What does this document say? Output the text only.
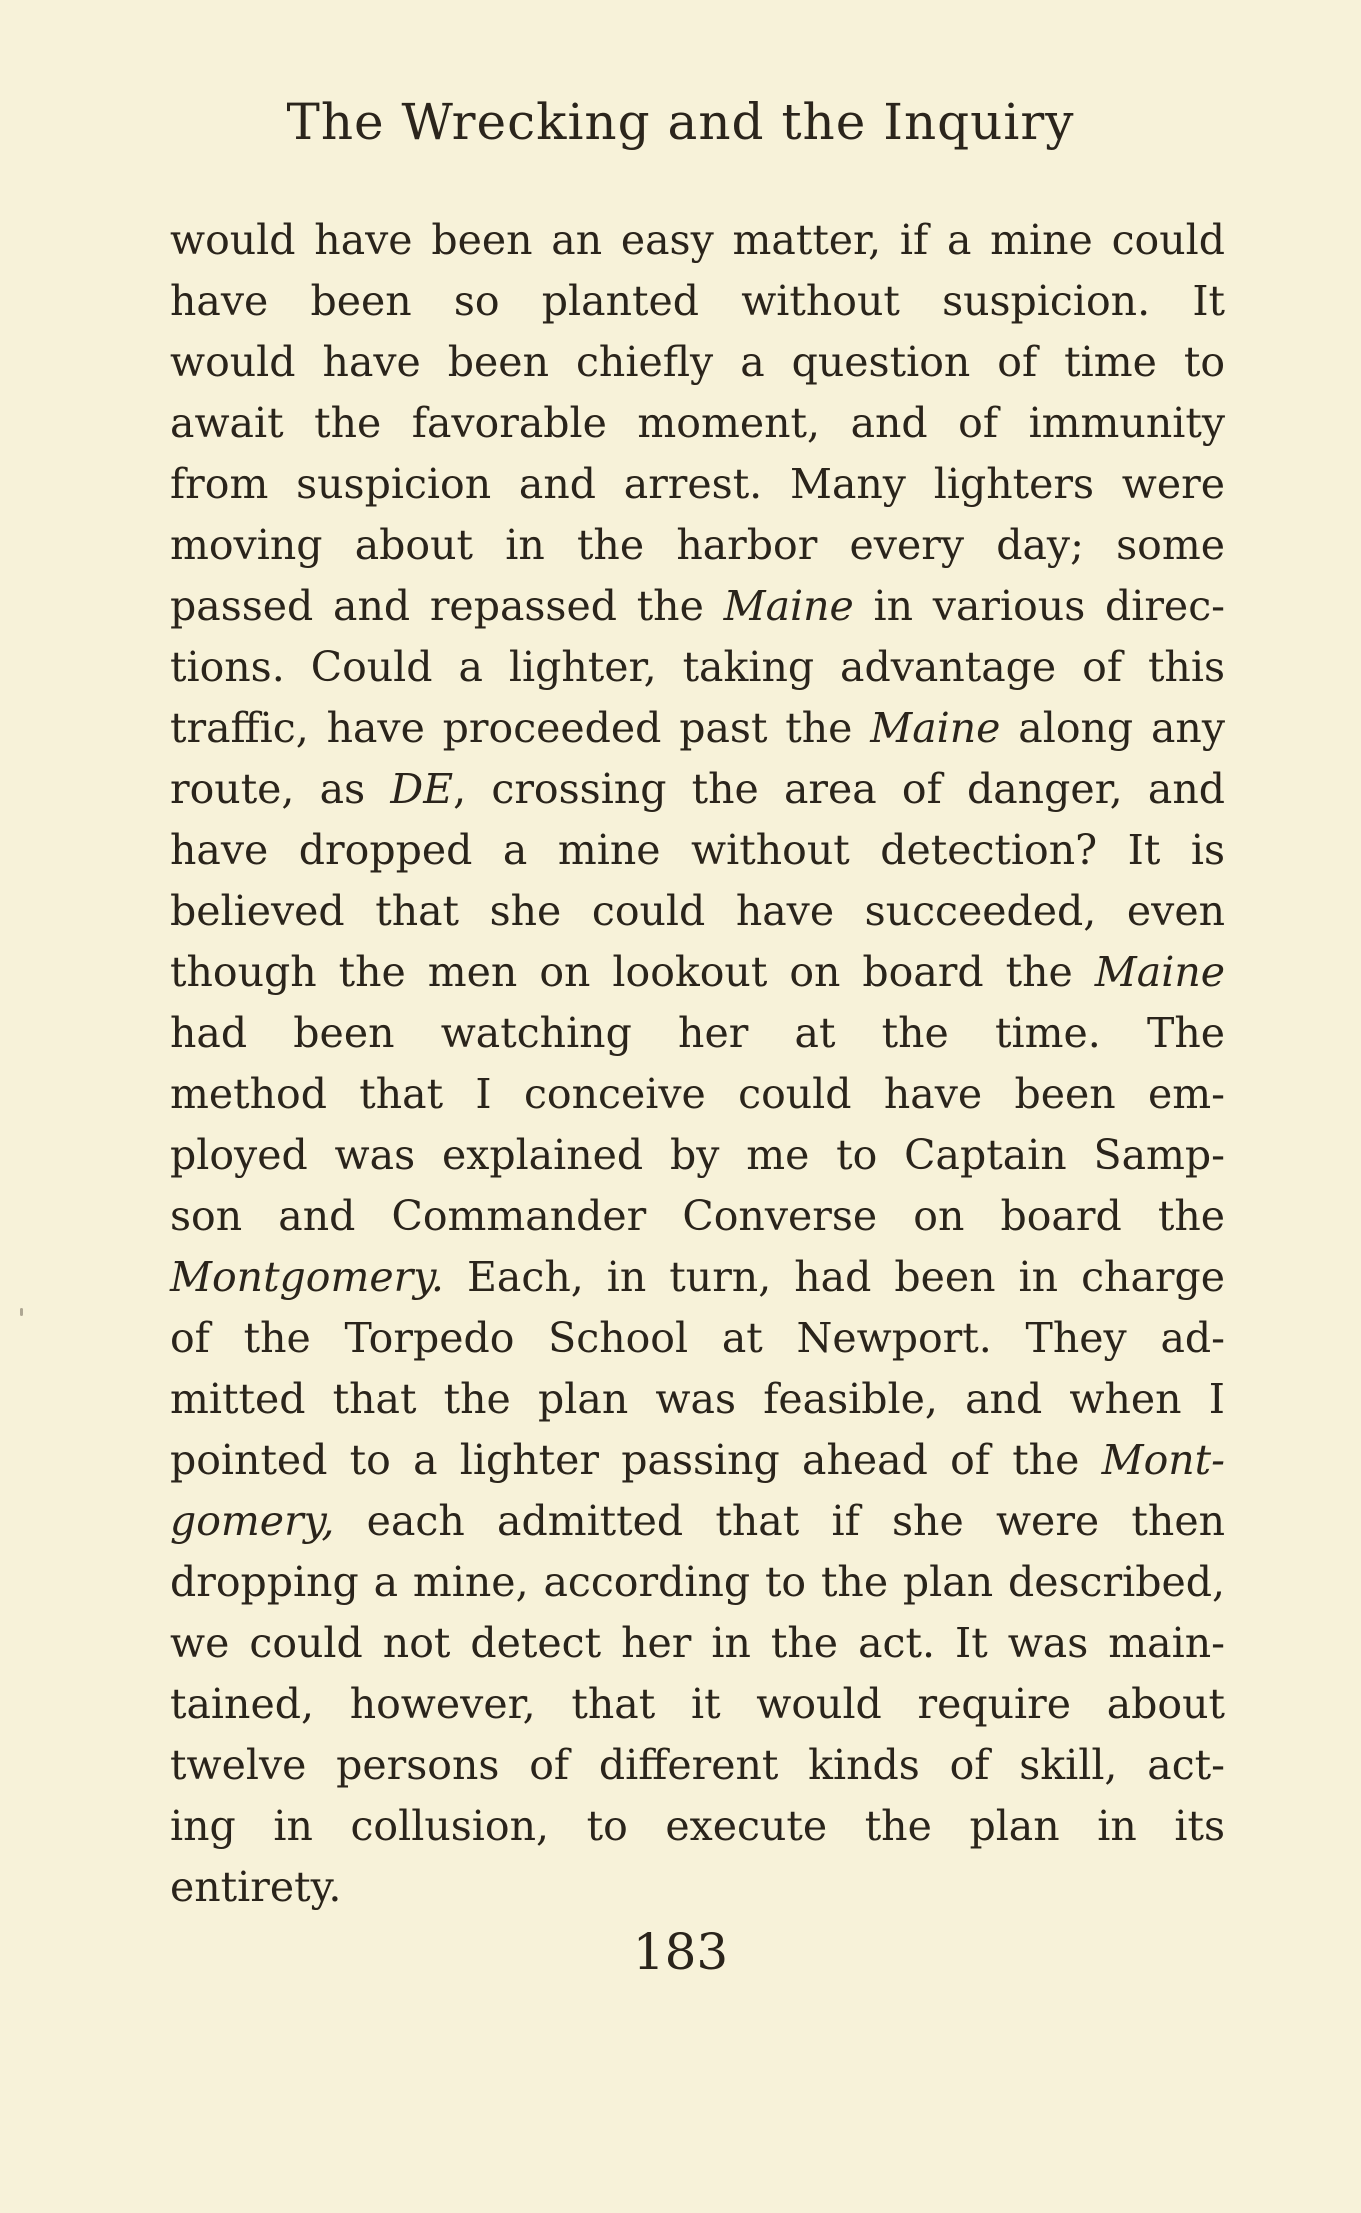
The Wrecking and the Inquiry
would have been an easy matter, if a mine could
have been so planted without suspicion. It
would have been chiefly a question of time to
await the favorable moment, and of immunity
from suspicion and arrest. Many lighters were
moving about in the harbor every day; some
passed and repassed the Maine in various direc-
tions. Could a lighter, taking advantage of this
traffic, have proceeded past the Maine along any
route, as DE, crossing the area of danger, and
have dropped a mine without detection? It is
believed that she could have succeeded, even
though the men on lookout on board the Maine
had been watching her at the time. The
method that I conceive could have been em-
ployed was explained by me to Captain Samp-
son and Commander Converse on board the
Montgomery. Each, in turn, had been in charge
of the Torpedo School at Newport. They ad-
mitted that the plan was feasible, and when I
pointed to a lighter passing ahead of the Mont-
gomery, each admitted that if she were then
dropping a mine, according to the plan described,
we could not detect her in the act. It was main-
tained, however, that it would require about
twelve persons of different kinds of skill, act-
ing in collusion, to execute the plan in its
entirety.
183
